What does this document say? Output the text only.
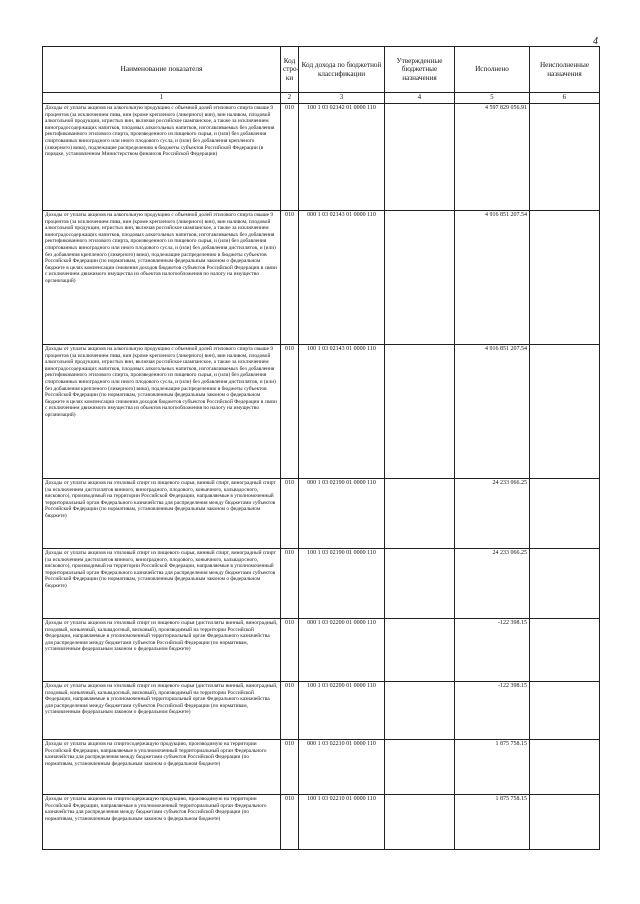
4
Наименование показателя	Код стро- ки	Код дохода по бюджетной классификации	Утвержденные бюджетные назначения	Исполнено	Неисполненные назначения
1	2	3	4	5	6
Доходы от уплаты акцизов на алкогольную продукцию с объемной долей этилового спирта свыше 9 процентов (за исключением пива, вин (кроме крепленого (ликерного) вин), вин наливом, плодовой алкогольной продукции, игристых вин, включая российское шампанское, а также за исключением виноградосодержащих напитков, плодовых алкогольных напитков, изготавливаемых без добавления ректификованного этилового спирта, произведенного из пищевого сырья, и (или) без добавления спиртованных виноградного или иного плодового сусла, и (или) без добавления крепленого (ликерного) вина), подлежащие распределению в бюджеты субъектов Российской Федерации (в порядке, установленном Министерством финансов Российской Федерации)	010	100 1 03 02142 01 0000 110		4 597 829 056.91	
Доходы от уплаты акцизов на алкогольную продукцию с объемной долей этилового спирта свыше 9 процентов (за исключением пива, вин (кроме крепленого (ликерного) вин), вин наливом, плодовой алкогольной продукции, игристых вин, включая российское шампанское, а также за исключением виноградосодержащих напитков, плодовых алкогольных напитков, изготавливаемых без добавления ректификованного этилового спирта, произведенного из пищевого сырья, и (или) без добавления спиртованных виноградного или иного плодового сусла, и (или) без добавления дистиллятов, и (или) без добавления крепленого (ликерного) вина), подлежащие распределению в бюджеты субъектов Российской Федерации (по нормативам, установленным федеральным законом о федеральном бюджете в целях компенсации снижения доходов бюджетов субъектов Российской Федерации в связи с исключением движимого имущества из объектов налогообложения по налогу на имущество организаций)	010	000 1 03 02143 01 0000 110		4 916 851 207.54	
Доходы от уплаты акцизов на алкогольную продукцию с объемной долей этилового спирта свыше 9 процентов (за исключением пива, вин (кроме крепленого (ликерного) вин), вин наливом, плодовой алкогольной продукции, игристых вин, включая российское шампанское, а также за исключением виноградосодержащих напитков, плодовых алкогольных напитков, изготавливаемых без добавления ректификованного этилового спирта, произведенного из пищевого сырья, и (или) без добавления спиртованных виноградного или иного плодового сусла, и (или) без добавления дистиллятов, и (или) без добавления крепленого (ликерного) вина), подлежащие распределению в бюджеты субъектов Российской Федерации (по нормативам, установленным федеральным законом о федеральном бюджете в целях компенсации снижения доходов бюджетов субъектов Российской Федерации в связи с исключением движимого имущества из объектов налогообложения по налогу на имущество организаций)	010	100 1 03 02143 01 0000 110		4 916 851 207.54	
Доходы от уплаты акцизов на этиловый спирт из пищевого сырья, винный спирт, виноградный спирт (за исключением дистиллятов винного, виноградного, плодового, коньячного, кальвадосного, вискового), производимый на территории Российской Федерации, направляемые в уполномоченный территориальный орган Федерального казначейства для распределения между бюджетами субъектов Российской Федерации (по нормативам, установленным федеральным законом о федеральном бюджете)	010	000 1 03 02190 01 0000 110		24 233 066.25	
Доходы от уплаты акцизов на этиловый спирт из пищевого сырья, винный спирт, виноградный спирт (за исключением дистиллятов винного, виноградного, плодового, коньячного, кальвадосного, вискового), производимый на территории Российской Федерации, направляемые в уполномоченный территориальный орган Федерального казначейства для распределения между бюджетами субъектов Российской Федерации (по нормативам, установленным федеральным законом о федеральном бюджете)	010	100 1 03 02190 01 0000 110		24 233 066.25	
Доходы от уплаты акцизов на этиловый спирт из пищевого сырья (дистилляты винный, виноградный, плодовый, коньячный, кальвадосный, висковый), производимый на территории Российской Федерации, направляемые в уполномоченный территориальный орган Федерального казначейства для распределения между бюджетами субъектов Российской Федерации (по нормативам, установленным федеральным законом о федеральном бюджете)	010	000 1 03 02200 01 0000 110		-122 398.15	
Доходы от уплаты акцизов на этиловый спирт из пищевого сырья (дистилляты винный, виноградный, плодовый, коньячный, кальвадосный, висковый), производимый на территории Российской Федерации, направляемые в уполномоченный территориальный орган Федерального казначейства для распределения между бюджетами субъектов Российской Федерации (по нормативам, установленным федеральным законом о федеральном бюджете)	010	100 1 03 02200 01 0000 110		-122 398.15	
Доходы от уплаты акцизов на спиртосодержащую продукцию, производимую на территории Российской Федерации, направляемые в уполномоченный территориальный орган Федерального казначейства для распределения между бюджетами субъектов Российской Федерации (по нормативам, установленным федеральным законом о федеральном бюджете)	010	000 1 03 02210 01 0000 110		1 875 758.15	
Доходы от уплаты акцизов на спиртосодержащую продукцию, производимую на территории Российской Федерации, направляемые в уполномоченный территориальный орган Федерального казначейства для распределения между бюджетами субъектов Российской Федерации (по нормативам, установленным федеральным законом о федеральном бюджете)	010	100 1 03 02210 01 0000 110		1 875 758.15	
